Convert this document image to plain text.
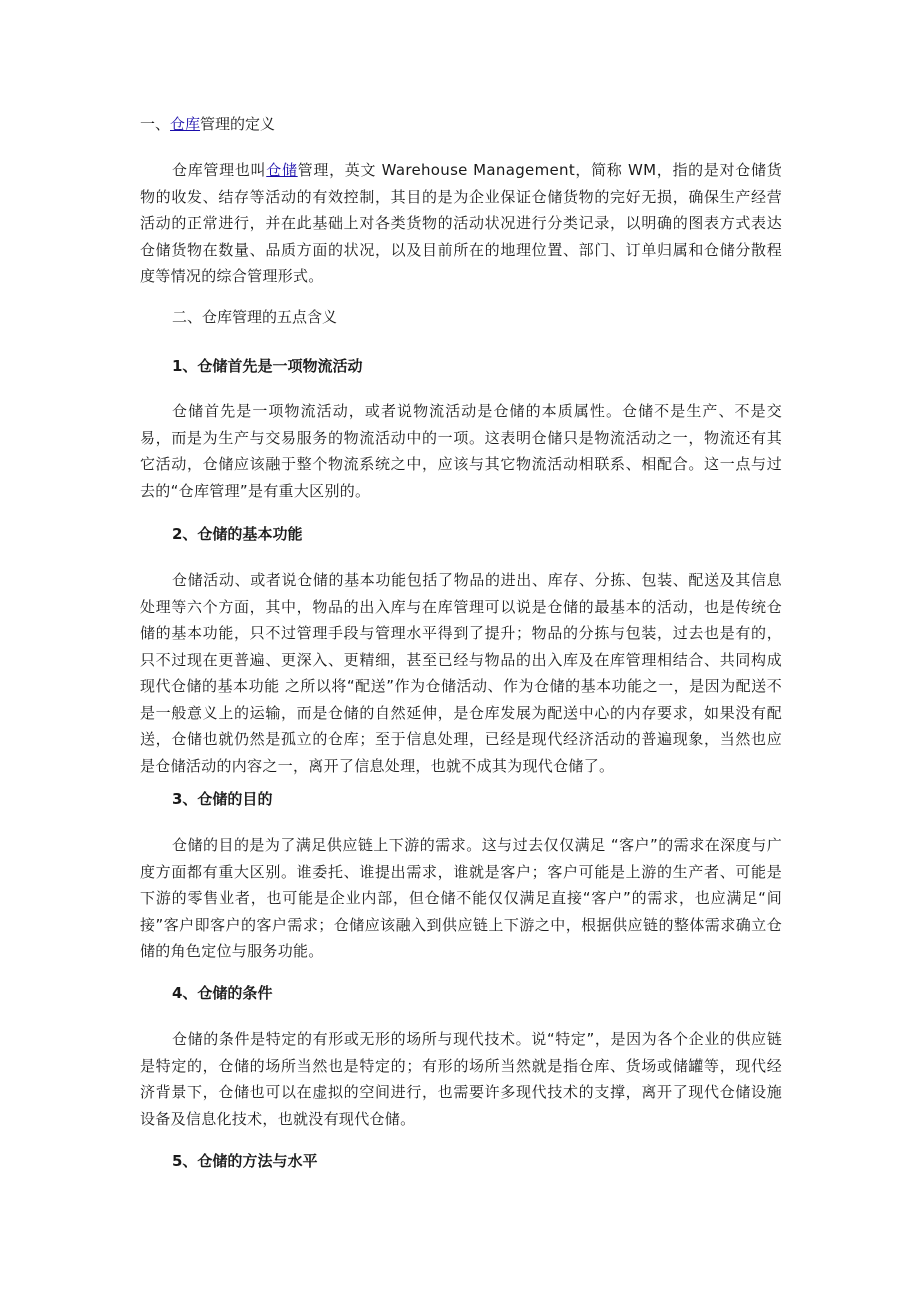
一、仓库管理的定义

仓库管理也叫仓储管理，英文 Warehouse Management，简称 WM，指的是对仓储货物的收发、结存等活动的有效控制，其目的是为企业保证仓储货物的完好无损，确保生产经营活动的正常进行，并在此基础上对各类货物的活动状况进行分类记录，以明确的图表方式表达仓储货物在数量、品质方面的状况，以及目前所在的地理位置、部门、订单归属和仓储分散程度等情况的综合管理形式。

二、仓库管理的五点含义

1、仓储首先是一项物流活动

仓储首先是一项物流活动，或者说物流活动是仓储的本质属性。仓储不是生产、不是交易，而是为生产与交易服务的物流活动中的一项。这表明仓储只是物流活动之一，物流还有其它活动，仓储应该融于整个物流系统之中，应该与其它物流活动相联系、相配合。这一点与过去的“仓库管理”是有重大区别的。

2、仓储的基本功能

仓储活动、或者说仓储的基本功能包括了物品的进出、库存、分拣、包装、配送及其信息处理等六个方面，其中，物品的出入库与在库管理可以说是仓储的最基本的活动，也是传统仓储的基本功能，只不过管理手段与管理水平得到了提升；物品的分拣与包装，过去也是有的，只不过现在更普遍、更深入、更精细，甚至已经与物品的出入库及在库管理相结合、共同构成现代仓储的基本功能 之所以将“配送”作为仓储活动、作为仓储的基本功能之一，是因为配送不是一般意义上的运输，而是仓储的自然延伸，是仓库发展为配送中心的内存要求，如果没有配送，仓储也就仍然是孤立的仓库；至于信息处理，已经是现代经济活动的普遍现象，当然也应是仓储活动的内容之一，离开了信息处理，也就不成其为现代仓储了。

3、仓储的目的

仓储的目的是为了满足供应链上下游的需求。这与过去仅仅满足 “客户”的需求在深度与广度方面都有重大区别。谁委托、谁提出需求，谁就是客户；客户可能是上游的生产者、可能是下游的零售业者，也可能是企业内部，但仓储不能仅仅满足直接“客户”的需求，也应满足“间接”客户即客户的客户需求；仓储应该融入到供应链上下游之中，根据供应链的整体需求确立仓储的角色定位与服务功能。

4、仓储的条件

仓储的条件是特定的有形或无形的场所与现代技术。说“特定”，是因为各个企业的供应链是特定的，仓储的场所当然也是特定的；有形的场所当然就是指仓库、货场或储罐等，现代经济背景下，仓储也可以在虚拟的空间进行，也需要许多现代技术的支撑，离开了现代仓储设施设备及信息化技术，也就没有现代仓储。

5、仓储的方法与水平
